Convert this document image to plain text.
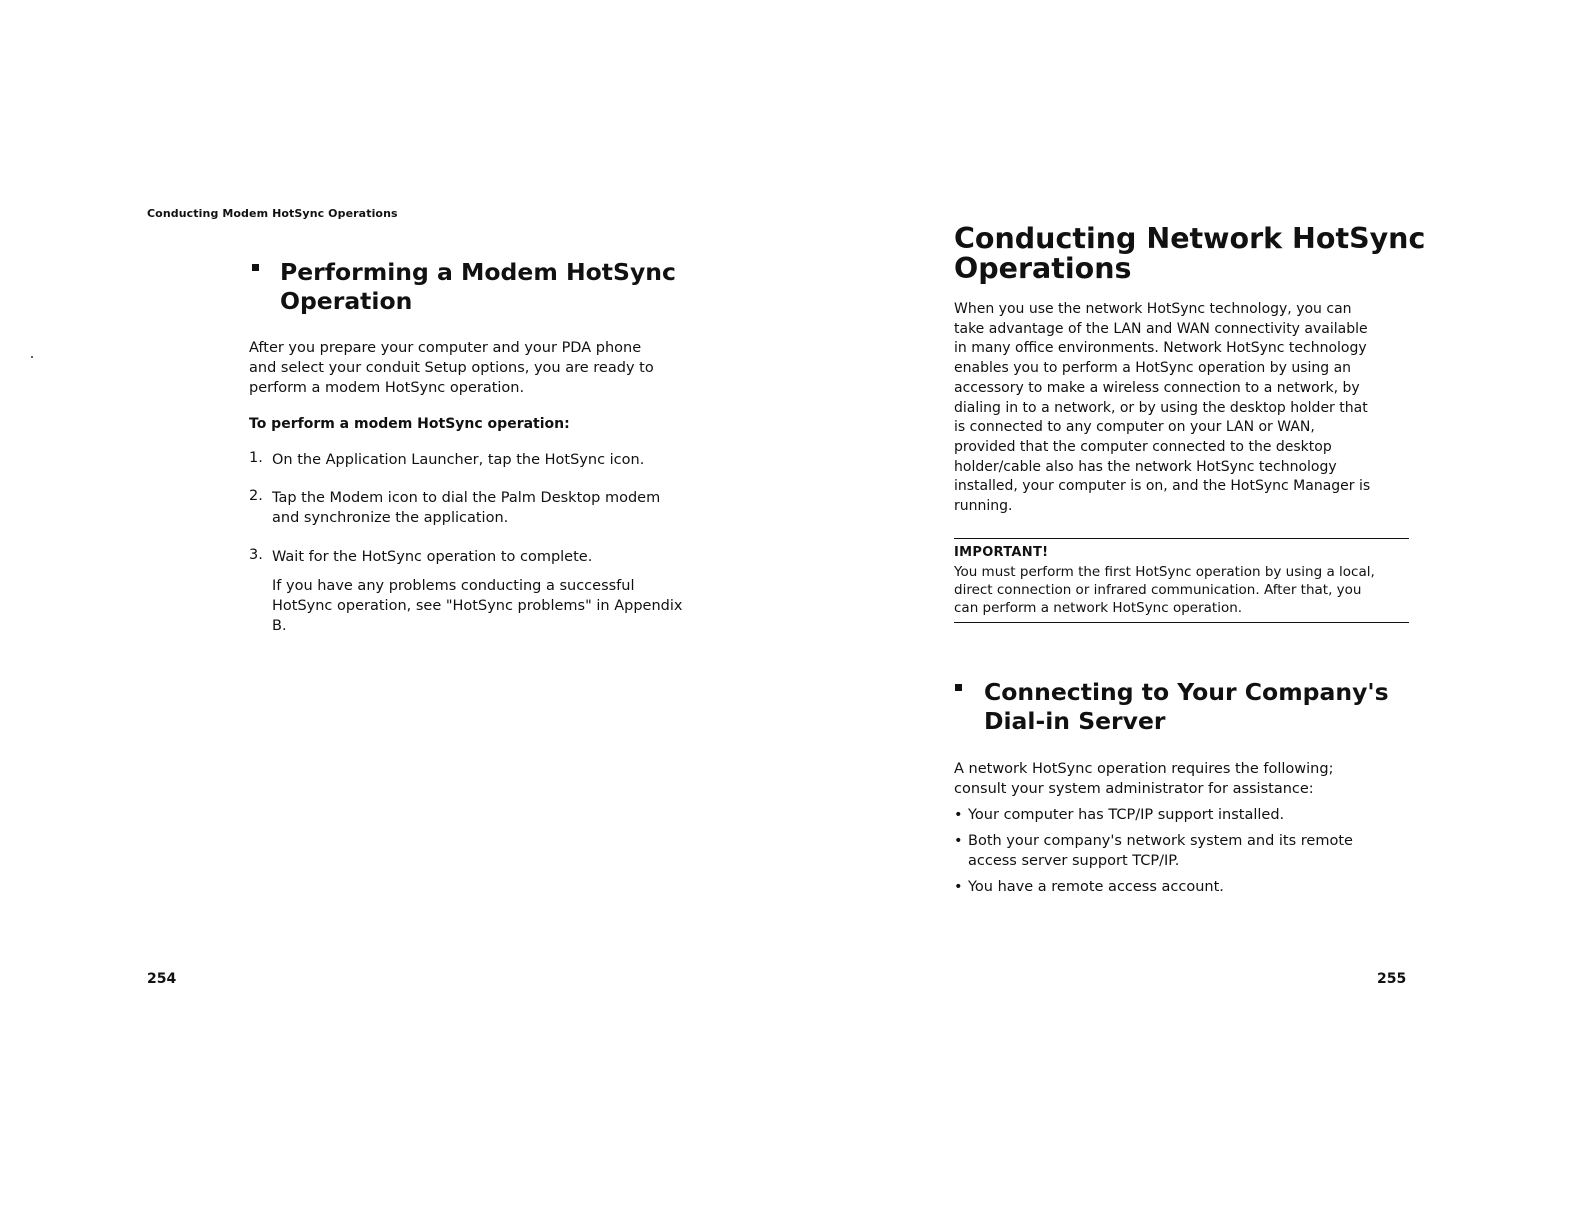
Conducting Modem HotSync Operations
Performing a Modem HotSync
Operation
After you prepare your computer and your PDA phone
and select your conduit Setup options, you are ready to
perform a modem HotSync operation.
To perform a modem HotSync operation:
1. On the Application Launcher, tap the HotSync icon.
2. Tap the Modem icon to dial the Palm Desktop modem
and synchronize the application.
3. Wait for the HotSync operation to complete.
If you have any problems conducting a successful
HotSync operation, see "HotSync problems" in Appendix
B.
254
Conducting Network HotSync
Operations
When you use the network HotSync technology, you can
take advantage of the LAN and WAN connectivity available
in many office environments. Network HotSync technology
enables you to perform a HotSync operation by using an
accessory to make a wireless connection to a network, by
dialing in to a network, or by using the desktop holder that
is connected to any computer on your LAN or WAN,
provided that the computer connected to the desktop
holder/cable also has the network HotSync technology
installed, your computer is on, and the HotSync Manager is
running.
IMPORTANT!
You must perform the first HotSync operation by using a local,
direct connection or infrared communication. After that, you
can perform a network HotSync operation.
Connecting to Your Company's
Dial-in Server
A network HotSync operation requires the following;
consult your system administrator for assistance:
• Your computer has TCP/IP support installed.
• Both your company's network system and its remote
access server support TCP/IP.
• You have a remote access account.
255
